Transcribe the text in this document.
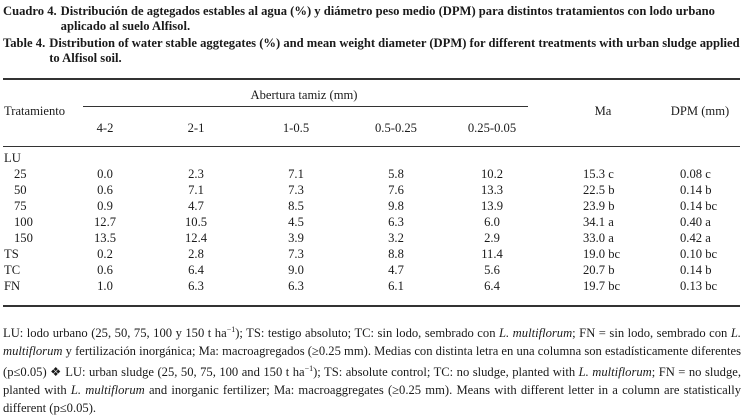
Cuadro 4. Distribución de agtegados estables al agua (%) y diámetro peso medio (DPM) para distintos tratamientos con lodo urbano aplicado al suelo Alfisol.
Table 4. Distribution of water stable aggtegates (%) and mean weight diameter (DPM) for different treatments with urban sludge applied to Alfisol soil.
Tratamiento
Abertura tamiz (mm)
4-2	2-1	1-0.5	0.5-0.25	0.25-0.05
Ma	DPM (mm)
LU
25	0.0	2.3	7.1	5.8	10.2	15.3 c	0.08 c
50	0.6	7.1	7.3	7.6	13.3	22.5 b	0.14 b
75	0.9	4.7	8.5	9.8	13.9	23.9 b	0.14 bc
100	12.7	10.5	4.5	6.3	6.0	34.1 a	0.40 a
150	13.5	12.4	3.9	3.2	2.9	33.0 a	0.42 a
TS	0.2	2.8	7.3	8.8	11.4	19.0 bc	0.10 bc
TC	0.6	6.4	9.0	4.7	5.6	20.7 b	0.14 b
FN	1.0	6.3	6.3	6.1	6.4	19.7 bc	0.13 bc
LU: lodo urbano (25, 50, 75, 100 y 150 t $ha^{-1}$); TS: testigo absoluto; TC: sin lodo, sembrado con L. multiflorum; FN = sin lodo, sembrado con L. multiflorum y fertilización inorgánica; Ma: macroagregados (≥0.25 mm). Medias con distinta letra en una columna son estadísticamente diferentes (p≤0.05) ❖ LU: urban sludge (25, 50, 75, 100 and 150 t $ha^{-1}$); TS: absolute control; TC: no sludge, planted with L. multiflorum; FN = no sludge, planted with L. multiflorum and inorganic fertilizer; Ma: macroaggregates (≥0.25 mm). Means with different letter in a column are statistically different (p≤0.05).
